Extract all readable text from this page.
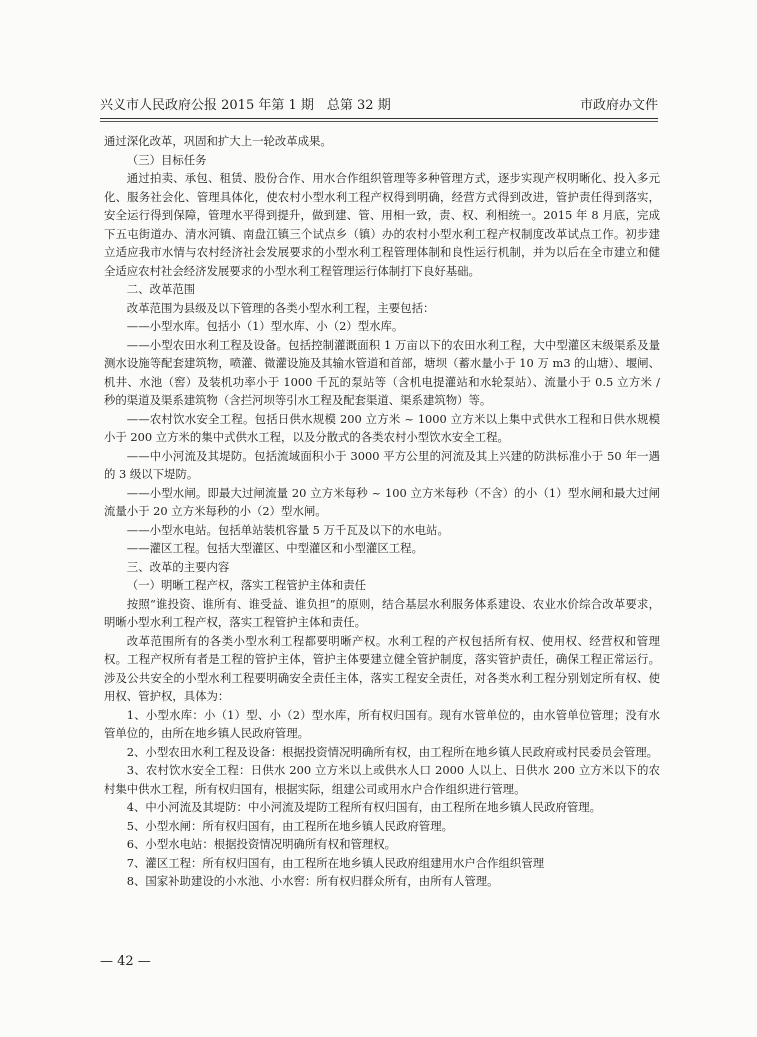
兴义市人民政府公报 2015 年第 1 期　总第 32 期	市政府办文件

通过深化改革，巩固和扩大上一轮改革成果。

（三）目标任务

通过拍卖、承包、租赁、股份合作、用水合作组织管理等多种管理方式，逐步实现产权明晰化、投入多元化、服务社会化、管理具体化，使农村小型水利工程产权得到明确，经营方式得到改进，管护责任得到落实，安全运行得到保障，管理水平得到提升，做到建、管、用相一致，责、权、利相统一。2015 年 8 月底，完成下五屯街道办、清水河镇、南盘江镇三个试点乡（镇）办的农村小型水利工程产权制度改革试点工作。初步建立适应我市水情与农村经济社会发展要求的小型水利工程管理体制和良性运行机制，并为以后在全市建立和健全适应农村社会经济发展要求的小型水利工程管理运行体制打下良好基础。

二、改革范围

改革范围为县级及以下管理的各类小型水利工程，主要包括：

——小型水库。包括小（1）型水库、小（2）型水库。

——小型农田水利工程及设备。包括控制灌溉面积 1 万亩以下的农田水利工程，大中型灌区末级渠系及量测水设施等配套建筑物，喷灌、微灌设施及其输水管道和首部，塘坝（蓄水量小于 10 万 m3 的山塘）、堰闸、机井、水池（窖）及装机功率小于 1000 千瓦的泵站等（含机电提灌站和水轮泵站）、流量小于 0.5 立方米 / 秒的渠道及渠系建筑物（含拦河坝等引水工程及配套渠道、渠系建筑物）等。

——农村饮水安全工程。包括日供水规模 200 立方米 ~ 1000 立方米以上集中式供水工程和日供水规模小于 200 立方米的集中式供水工程，以及分散式的各类农村小型饮水安全工程。

——中小河流及其堤防。包括流域面积小于 3000 平方公里的河流及其上兴建的防洪标准小于 50 年一遇的 3 级以下堤防。

——小型水闸。即最大过闸流量 20 立方米每秒 ~ 100 立方米每秒（不含）的小（1）型水闸和最大过闸流量小于 20 立方米每秒的小（2）型水闸。

——小型水电站。包括单站装机容量 5 万千瓦及以下的水电站。

——灌区工程。包括大型灌区、中型灌区和小型灌区工程。

三、改革的主要内容

（一）明晰工程产权，落实工程管护主体和责任

按照“谁投资、谁所有、谁受益、谁负担”的原则，结合基层水利服务体系建设、农业水价综合改革要求，明晰小型水利工程产权，落实工程管护主体和责任。

改革范围所有的各类小型水利工程都要明晰产权。水利工程的产权包括所有权、使用权、经营权和管理权。工程产权所有者是工程的管护主体，管护主体要建立健全管护制度，落实管护责任，确保工程正常运行。涉及公共安全的小型水利工程要明确安全责任主体，落实工程安全责任，对各类水利工程分别划定所有权、使用权、管护权，具体为：

1、小型水库：小（1）型、小（2）型水库，所有权归国有。现有水管单位的，由水管单位管理；没有水管单位的，由所在地乡镇人民政府管理。

2、小型农田水利工程及设备：根据投资情况明确所有权，由工程所在地乡镇人民政府或村民委员会管理。

3、农村饮水安全工程：日供水 200 立方米以上或供水人口 2000 人以上、日供水 200 立方米以下的农村集中供水工程，所有权归国有，根据实际，组建公司或用水户合作组织进行管理。

4、中小河流及其堤防：中小河流及堤防工程所有权归国有，由工程所在地乡镇人民政府管理。

5、小型水闸：所有权归国有，由工程所在地乡镇人民政府管理。

6、小型水电站：根据投资情况明确所有权和管理权。

7、灌区工程：所有权归国有，由工程所在地乡镇人民政府组建用水户合作组织管理

8、国家补助建设的小水池、小水窖：所有权归群众所有，由所有人管理。

— 42 —
